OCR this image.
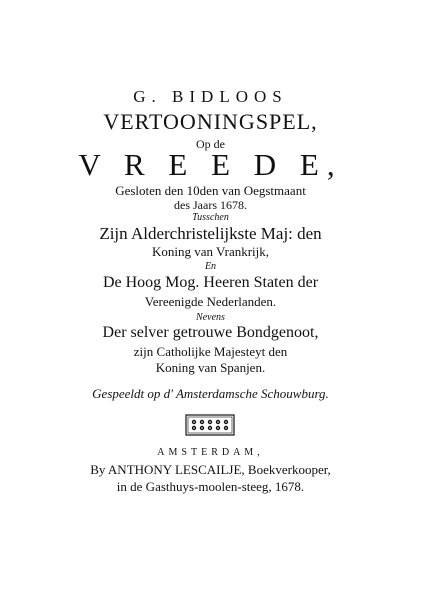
G. BIDLOOS
VERTOONINGSPEL,
Op de
V R E E D E,
Gesloten den 10den van Oegstmaant
des Jaars 1678.
Tusschen
Zijn Alderchristelijkste Maj: den
Koning van Vrankrijk,
En
De Hoog Mog. Heeren Staten der
Vereenigde Nederlanden.
Nevens
Der selver getrouwe Bondgenoot,
zijn Catholijke Majesteyt den
Koning van Spanjen.
Gespeeldt op d' Amsterdamsche Schouwburg.
AMSTERDAM,
By ANTHONY LESCAILJE, Boekverkooper,
in de Gasthuys-moolen-steeg, 1678.
